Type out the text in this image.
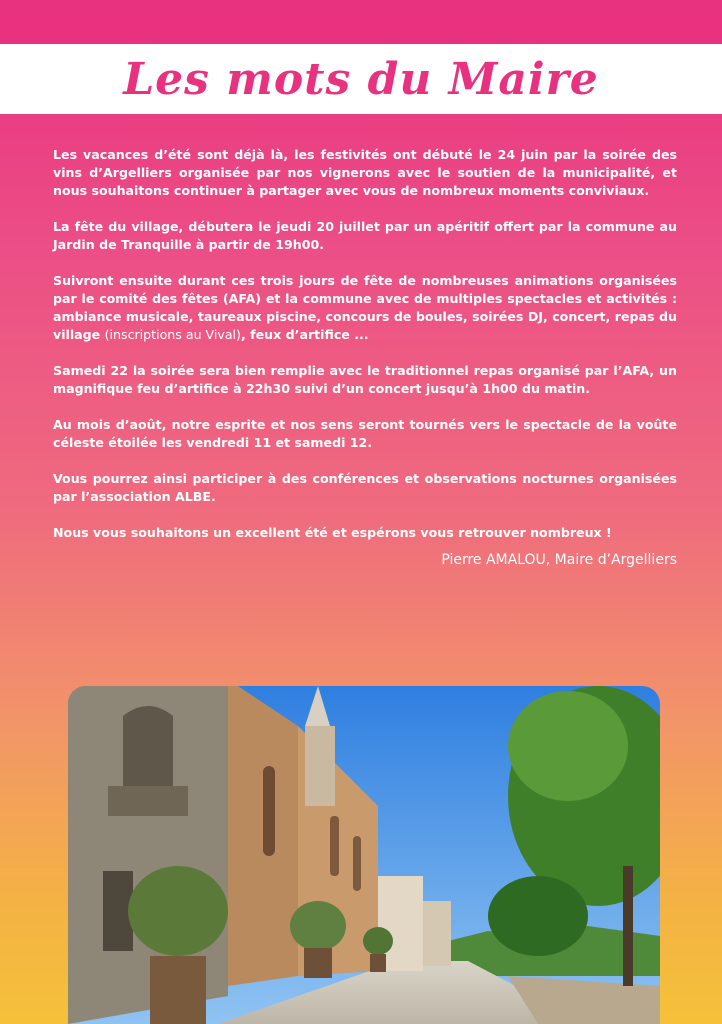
Les mots du Maire

Les vacances d’été sont déjà là, les festivités ont débuté le 24 juin par la soirée des vins d’Argelliers organisée par nos vignerons avec le soutien de la municipalité, et nous souhaitons continuer à partager avec vous de nombreux moments conviviaux.

La fête du village, débutera le jeudi 20 juillet par un apéritif offert par la commune au Jardin de Tranquille à partir de 19h00.

Suivront ensuite durant ces trois jours de fête de nombreuses animations organisées par le comité des fêtes (AFA) et la commune avec de multiples spectacles et activités : ambiance musicale, taureaux piscine, concours de boules, soirées DJ, concert, repas du village (inscriptions au Vival), feux d’artifice ...

Samedi 22 la soirée sera bien remplie avec le traditionnel repas organisé par l’AFA, un magnifique feu d’artifice à 22h30 suivi d’un concert jusqu’à 1h00 du matin.

Au mois d’août, notre esprite et nos sens seront tournés vers le spectacle de la voûte céleste étoilée les vendredi 11 et samedi 12.

Vous pourrez ainsi participer à des conférences et observations nocturnes organisées par l’association ALBE.

Nous vous souhaitons un excellent été et espérons vous retrouver nombreux !

Pierre AMALOU, Maire d’Argelliers
